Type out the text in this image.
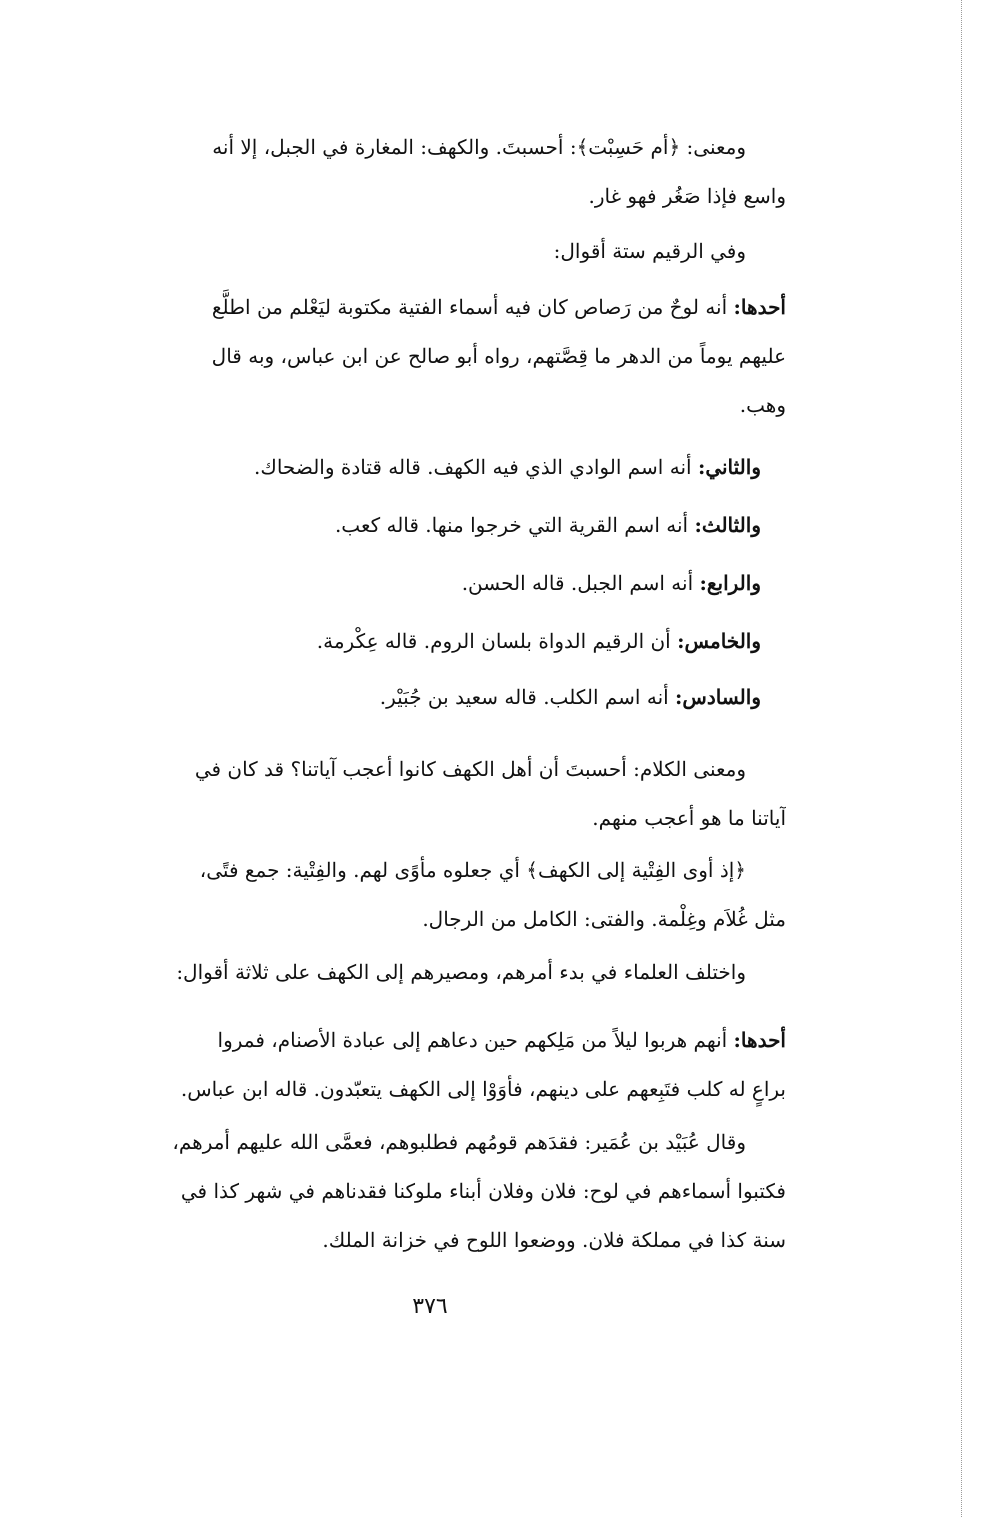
ومعنى: ﴿أم حَسِبْت﴾: أحسبتَ. والكهف: المغارة في الجبل، إلا أنه
واسع فإذا صَغُر فهو غار.
وفي الرقيم ستة أقوال:
أحدها: أنه لوحٌ من رَصاص كان فيه أسماء الفتية مكتوبة ليَعْلم من اطلَّع
عليهم يوماً من الدهر ما قِصَّتهم، رواه أبو صالح عن ابن عباس، وبه قال
وهب.
والثاني: أنه اسم الوادي الذي فيه الكهف. قاله قتادة والضحاك.
والثالث: أنه اسم القرية التي خرجوا منها. قاله كعب.
والرابع: أنه اسم الجبل. قاله الحسن.
والخامس: أن الرقيم الدواة بلسان الروم. قاله عِكْرمة.
والسادس: أنه اسم الكلب. قاله سعيد بن جُبَيْر.
ومعنى الكلام: أحسبتَ أن أهل الكهف كانوا أعجب آياتنا؟ قد كان في
آياتنا ما هو أعجب منهم.
﴿إذ أوى الفِتْية إلى الكهف﴾ أي جعلوه مأوًى لهم. والفِتْية: جمع فتًى،
مثل غُلاَم وغِلْمة. والفتى: الكامل من الرجال.
واختلف العلماء في بدء أمرهم، ومصيرهم إلى الكهف على ثلاثة أقوال:
أحدها: أنهم هربوا ليلاً من مَلِكهم حين دعاهم إلى عبادة الأصنام، فمروا
براعٍ له كلب فتَبِعهم على دينهم، فأوَوْا إلى الكهف يتعبّدون. قاله ابن عباس.
وقال عُبَيْد بن عُمَير: فقدَهم قومُهم فطلبوهم، فعمَّى الله عليهم أمرهم،
فكتبوا أسماءهم في لوح: فلان وفلان أبناء ملوكنا فقدناهم في شهر كذا في
سنة كذا في مملكة فلان. ووضعوا اللوح في خزانة الملك.
٣٧٦
